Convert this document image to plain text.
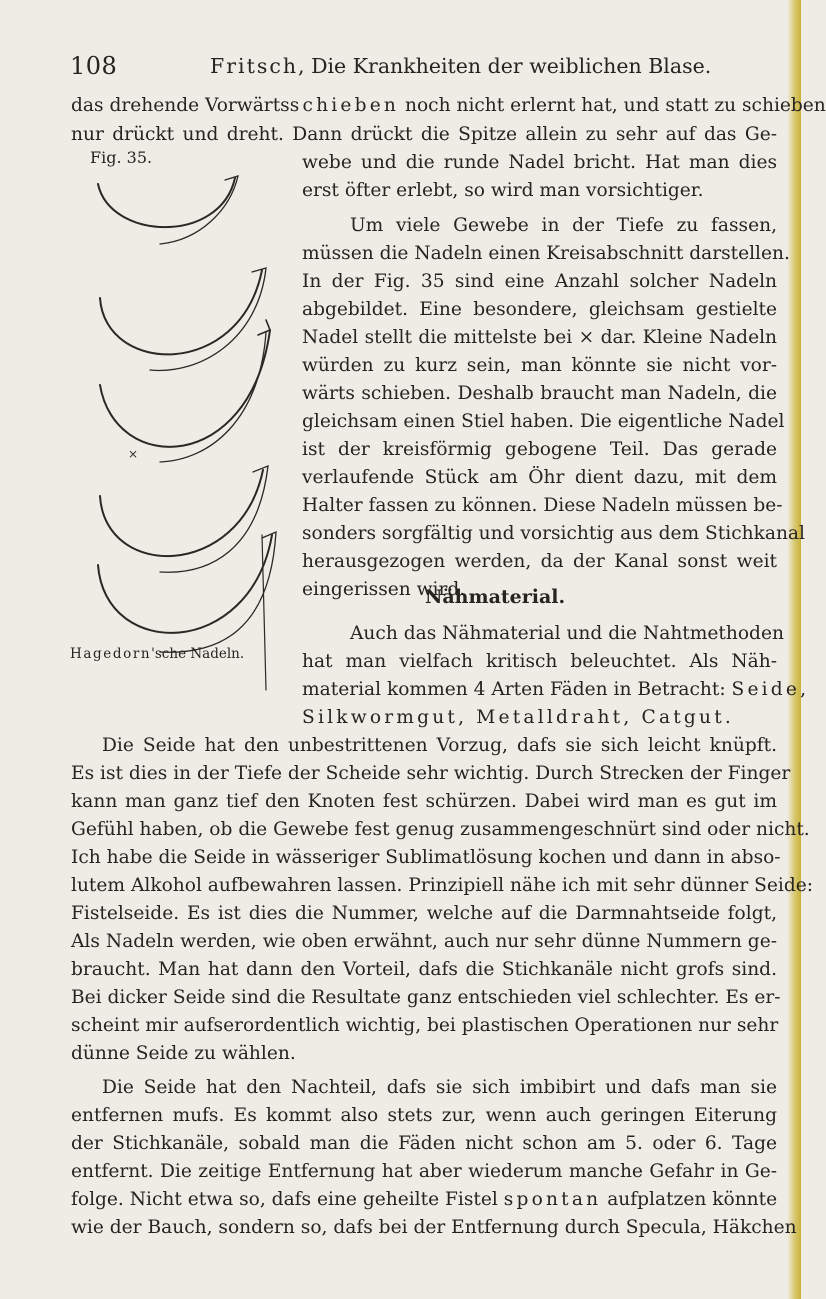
108	Fritsch, Die Krankheiten der weiblichen Blase.
Fig. 35.
×
Hagedorn'sche Nadeln.
Nähmaterial.
das drehende Vorwärtsschieben noch nicht erlernt hat, und statt zu schieben
nur drückt und dreht. Dann drückt die Spitze allein zu sehr auf das Ge-
webe und die runde Nadel bricht. Hat man dies
erst öfter erlebt, so wird man vorsichtiger.
Um viele Gewebe in der Tiefe zu fassen,
müssen die Nadeln einen Kreisabschnitt darstellen.
In der Fig. 35 sind eine Anzahl solcher Nadeln
abgebildet. Eine besondere, gleichsam gestielte
Nadel stellt die mittelste bei × dar. Kleine Nadeln
würden zu kurz sein, man könnte sie nicht vor-
wärts schieben. Deshalb braucht man Nadeln, die
gleichsam einen Stiel haben. Die eigentliche Nadel
ist der kreisförmig gebogene Teil. Das gerade
verlaufende Stück am Öhr dient dazu, mit dem
Halter fassen zu können. Diese Nadeln müssen be-
sonders sorgfältig und vorsichtig aus dem Stichkanal
herausgezogen werden, da der Kanal sonst weit
eingerissen wird.
Auch das Nähmaterial und die Nahtmethoden
hat man vielfach kritisch beleuchtet. Als Näh-
material kommen 4 Arten Fäden in Betracht: Seide,
Silkwormgut, Metalldraht, Catgut.
Die Seide hat den unbestrittenen Vorzug, dafs sie sich leicht knüpft.
Es ist dies in der Tiefe der Scheide sehr wichtig. Durch Strecken der Finger
kann man ganz tief den Knoten fest schürzen. Dabei wird man es gut im
Gefühl haben, ob die Gewebe fest genug zusammengeschnürt sind oder nicht.
Ich habe die Seide in wässeriger Sublimatlösung kochen und dann in abso-
lutem Alkohol aufbewahren lassen. Prinzipiell nähe ich mit sehr dünner Seide:
Fistelseide. Es ist dies die Nummer, welche auf die Darmnahtseide folgt,
Als Nadeln werden, wie oben erwähnt, auch nur sehr dünne Nummern ge-
braucht. Man hat dann den Vorteil, dafs die Stichkanäle nicht grofs sind.
Bei dicker Seide sind die Resultate ganz entschieden viel schlechter. Es er-
scheint mir aufserordentlich wichtig, bei plastischen Operationen nur sehr
dünne Seide zu wählen.
Die Seide hat den Nachteil, dafs sie sich imbibirt und dafs man sie
entfernen mufs. Es kommt also stets zur, wenn auch geringen Eiterung
der Stichkanäle, sobald man die Fäden nicht schon am 5. oder 6. Tage
entfernt. Die zeitige Entfernung hat aber wiederum manche Gefahr in Ge-
folge. Nicht etwa so, dafs eine geheilte Fistel spontan aufplatzen könnte
wie der Bauch, sondern so, dafs bei der Entfernung durch Specula, Häkchen
